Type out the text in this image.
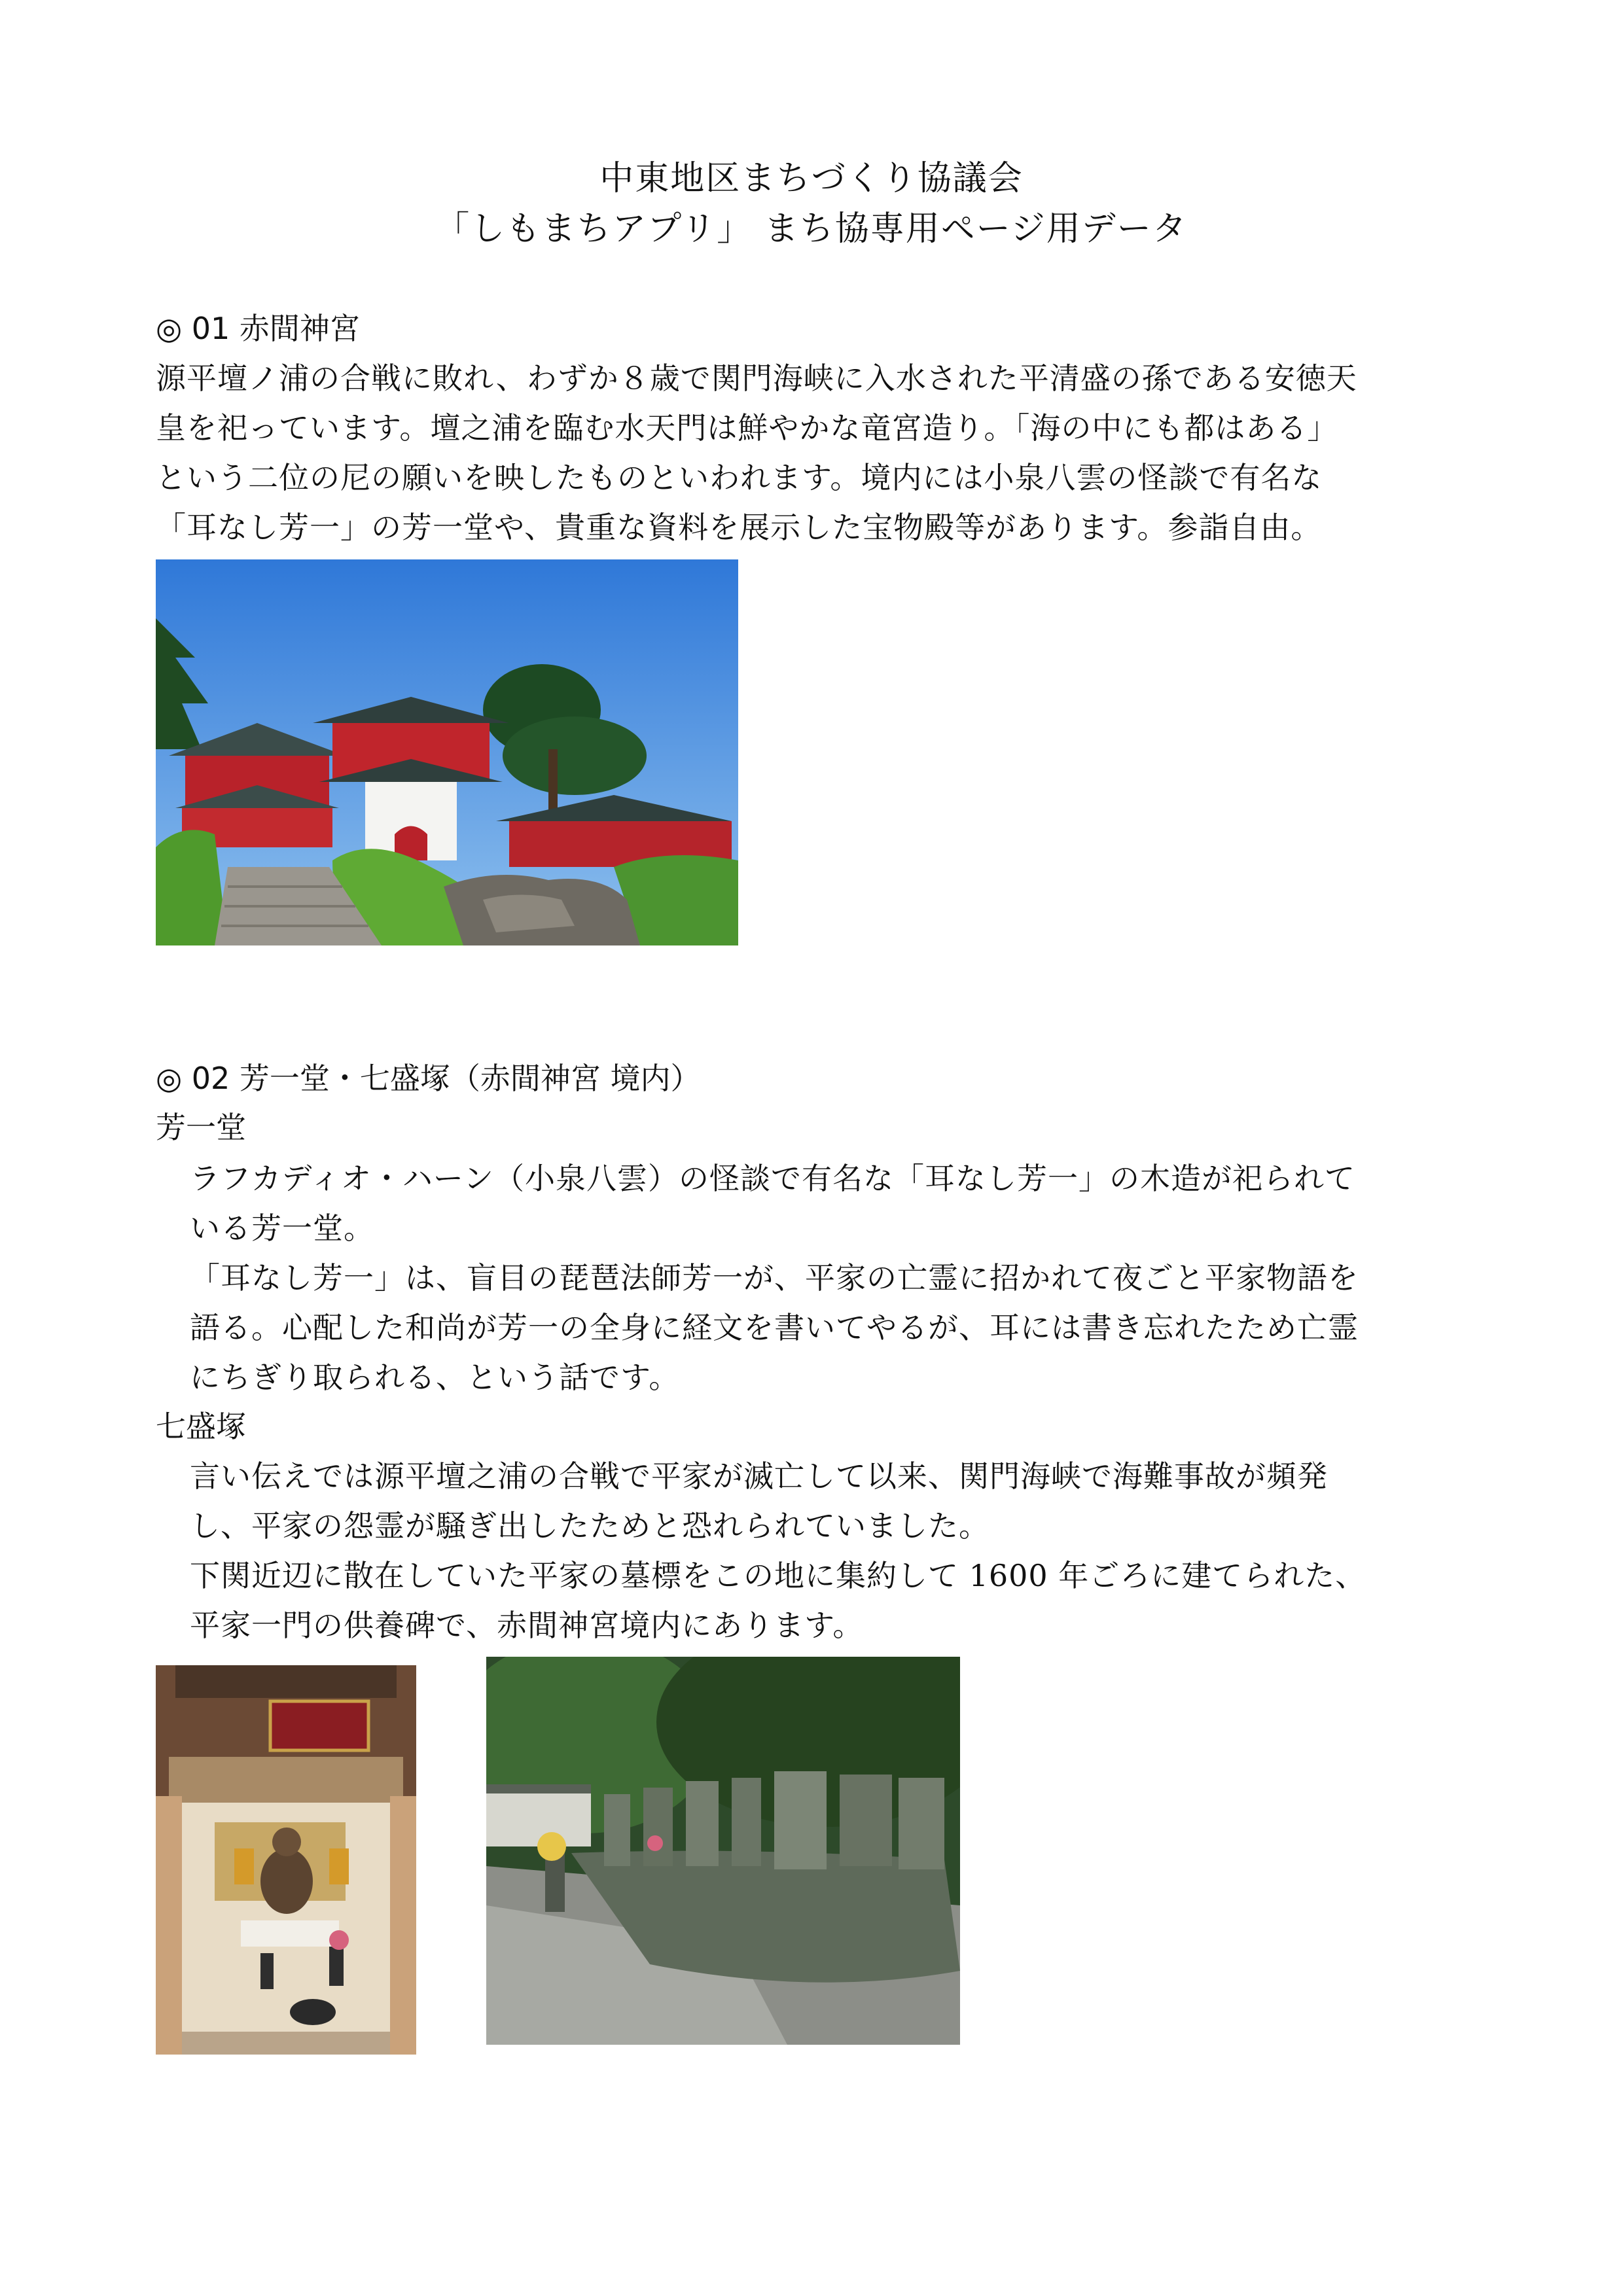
中東地区まちづくり協議会
「しもまちアプリ」 まち協専用ページ用データ
◎ 01 赤間神宮
源平壇ノ浦の合戦に敗れ、わずか８歳で関門海峡に入水された平清盛の孫である安徳天
皇を祀っています。壇之浦を臨む水天門は鮮やかな竜宮造り。「海の中にも都はある」
という二位の尼の願いを映したものといわれます。境内には小泉八雲の怪談で有名な
「耳なし芳一」の芳一堂や、貴重な資料を展示した宝物殿等があります。参詣自由。
◎ 02 芳一堂・七盛塚（赤間神宮 境内）
芳一堂
ラフカディオ・ハーン（小泉八雲）の怪談で有名な「耳なし芳一」の木造が祀られて
いる芳一堂。
「耳なし芳一」は、盲目の琵琶法師芳一が、平家の亡霊に招かれて夜ごと平家物語を
語る。心配した和尚が芳一の全身に経文を書いてやるが、耳には書き忘れたため亡霊
にちぎり取られる、という話です。
七盛塚
言い伝えでは源平壇之浦の合戦で平家が滅亡して以来、関門海峡で海難事故が頻発
し、平家の怨霊が騒ぎ出したためと恐れられていました。
下関近辺に散在していた平家の墓標をこの地に集約して 1600 年ごろに建てられた、
平家一門の供養碑で、赤間神宮境内にあります。
